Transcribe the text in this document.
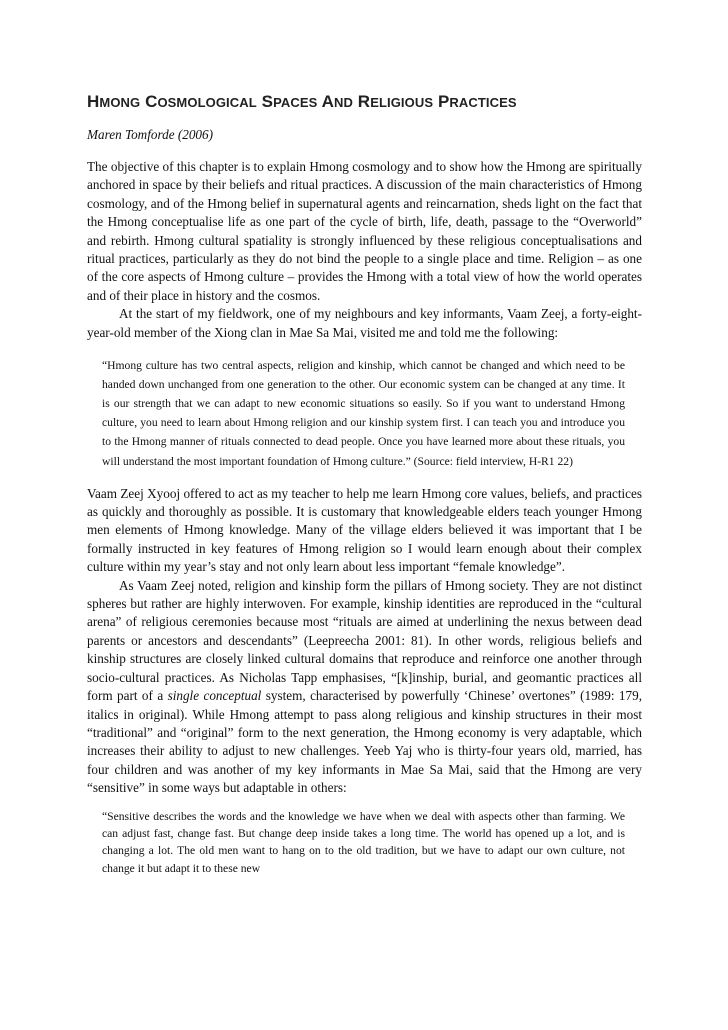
HMONG COSMOLOGICAL SPACES AND RELIGIOUS PRACTICES
Maren Tomforde (2006)

The objective of this chapter is to explain Hmong cosmology and to show how the Hmong are spiritually anchored in space by their beliefs and ritual practices. A discussion of the main characteristics of Hmong cosmology, and of the Hmong belief in supernatural agents and reincarnation, sheds light on the fact that the Hmong conceptualise life as one part of the cycle of birth, life, death, passage to the “Overworld” and rebirth. Hmong cultural spatiality is strongly influenced by these religious conceptualisations and ritual practices, particularly as they do not bind the people to a single place and time. Religion – as one of the core aspects of Hmong culture – provides the Hmong with a total view of how the world operates and of their place in history and the cosmos.

At the start of my fieldwork, one of my neighbours and key informants, Vaam Zeej, a forty-eight-year-old member of the Xiong clan in Mae Sa Mai, visited me and told me the following:

“Hmong culture has two central aspects, religion and kinship, which cannot be changed and which need to be handed down unchanged from one generation to the other. Our economic system can be changed at any time. It is our strength that we can adapt to new economic situations so easily. So if you want to understand Hmong culture, you need to learn about Hmong religion and our kinship system first. I can teach you and introduce you to the Hmong manner of rituals connected to dead people. Once you have learned more about these rituals, you will understand the most important foundation of Hmong culture.” (Source: field interview, H-R1 22)

Vaam Zeej Xyooj offered to act as my teacher to help me learn Hmong core values, beliefs, and practices as quickly and thoroughly as possible. It is customary that knowledgeable elders teach younger Hmong men elements of Hmong knowledge. Many of the village elders believed it was important that I be formally instructed in key features of Hmong religion so I would learn enough about their complex culture within my year’s stay and not only learn about less important “female knowledge”.

As Vaam Zeej noted, religion and kinship form the pillars of Hmong society. They are not distinct spheres but rather are highly interwoven. For example, kinship identities are reproduced in the “cultural arena” of religious ceremonies because most “rituals are aimed at underlining the nexus between dead parents or ancestors and descendants” (Leepreecha 2001: 81). In other words, religious beliefs and kinship structures are closely linked cultural domains that reproduce and reinforce one another through socio-cultural practices. As Nicholas Tapp emphasises, “[k]inship, burial, and geomantic practices all form part of a single conceptual system, characterised by powerfully ‘Chinese’ overtones” (1989: 179, italics in original). While Hmong attempt to pass along religious and kinship structures in their most “traditional” and “original” form to the next generation, the Hmong economy is very adaptable, which increases their ability to adjust to new challenges. Yeeb Yaj who is thirty-four years old, married, has four children and was another of my key informants in Mae Sa Mai, said that the Hmong are very “sensitive” in some ways but adaptable in others:

“Sensitive describes the words and the knowledge we have when we deal with aspects other than farming. We can adjust fast, change fast. But change deep inside takes a long time. The world has opened up a lot, and is changing a lot. The old men want to hang on to the old tradition, but we have to adapt our own culture, not change it but adapt it to these new
